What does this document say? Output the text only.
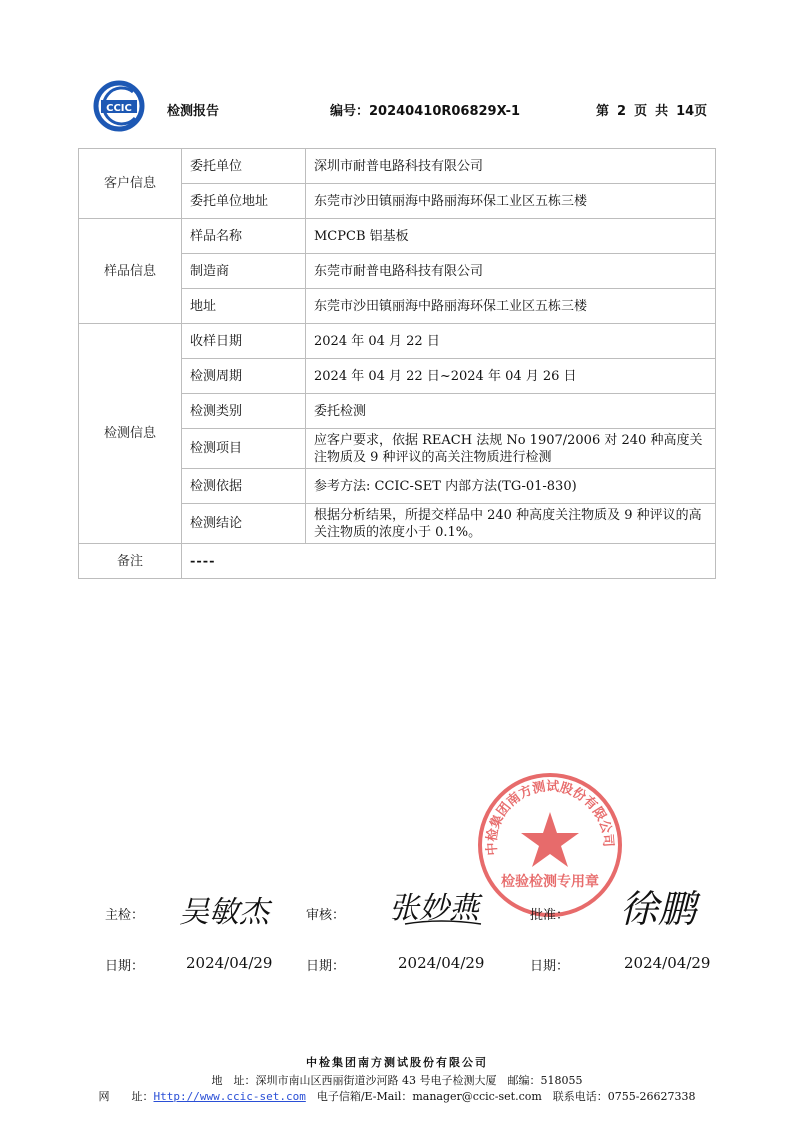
CCIC	检测报告	编号：20240410R06829X-1	第 2 页 共 14页
客户信息	委托单位	深圳市耐普电路科技有限公司
	委托单位地址	东莞市沙田镇丽海中路丽海环保工业区五栋三楼
样品信息	样品名称	MCPCB 铝基板
	制造商	东莞市耐普电路科技有限公司
	地址	东莞市沙田镇丽海中路丽海环保工业区五栋三楼
检测信息	收样日期	2024 年 04 月 22 日
	检测周期	2024 年 04 月 22 日~2024 年 04 月 26 日
	检测类别	委托检测
	检测项目	应客户要求，依据 REACH 法规 No 1907/2006 对 240 种高度关注物质及 9 种评议的高关注物质进行检测
	检测依据	参考方法: CCIC-SET 内部方法(TG-01-830)
	检测结论	根据分析结果，所提交样品中 240 种高度关注物质及 9 种评议的高关注物质的浓度小于 0.1%。
备注	----	
中检集团南方测试股份有限公司
检验检测专用章
主检： 吴敏杰	审核： 张妙燕	批准： 徐鹏
日期：	2024/04/29	日期：	2024/04/29	日期：	2024/04/29
中检集团南方测试股份有限公司
地　址：深圳市南山区西丽街道沙河路 43 号电子检测大厦　邮编：518055
网　　址：Http://www.ccic-set.com　电子信箱/E-Mail：manager@ccic-set.com　联系电话：0755-26627338
